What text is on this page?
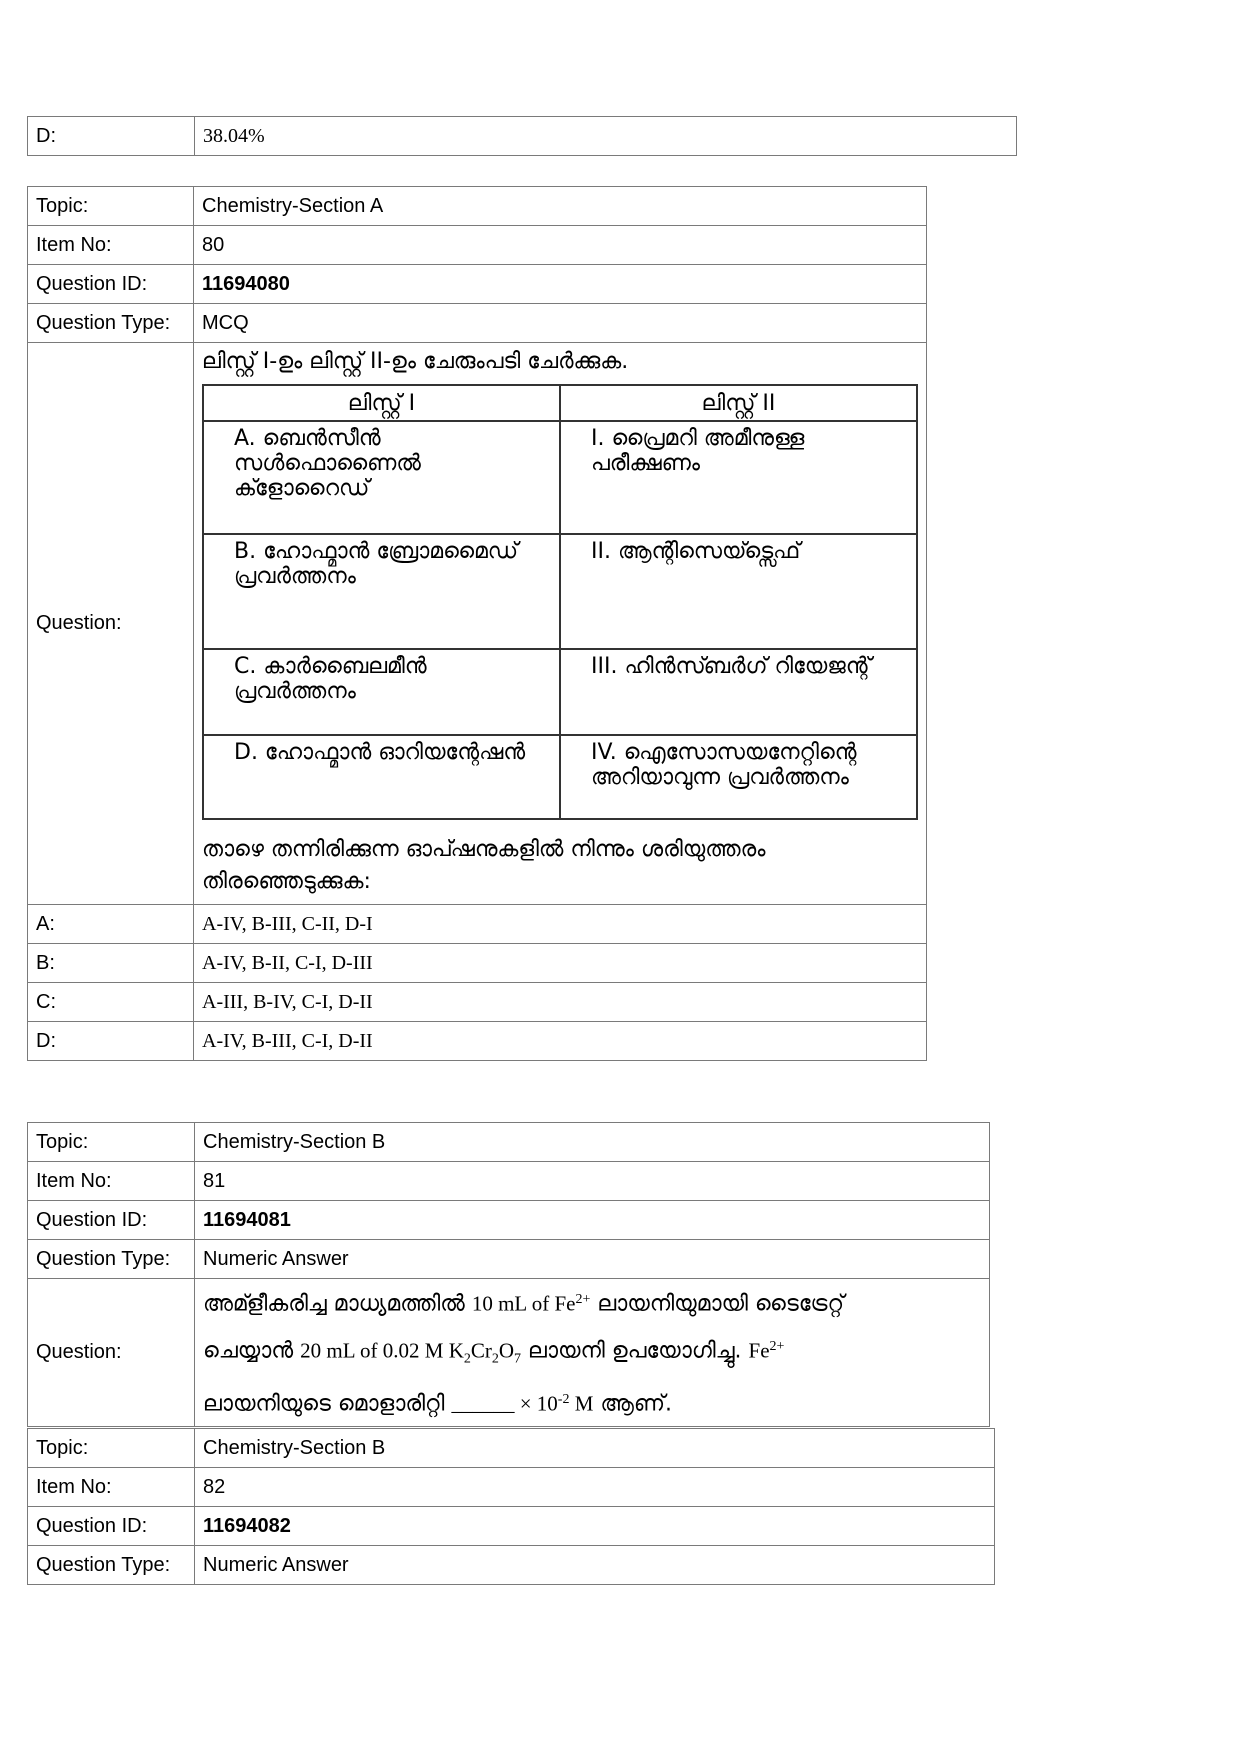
D:	38.04%
Topic:	Chemistry-Section A
Item No:	80
Question ID:	11694080
Question Type:	MCQ
Question:	
ലിസ്റ്റ് I-ഉം ലിസ്റ്റ് II-ഉം ചേരുംപടി ചേർക്കുക.
ലിസ്റ്റ് I	ലിസ്റ്റ് II
A. ബെൻസീൻ സൾഫൊണൈൽ ക്ളോറൈഡ്	I. പ്രൈമറി അമീനുള്ള പരീക്ഷണം
B. ഹോഫ്മാൻ ബ്രോമമൈഡ് പ്രവർത്തനം	II. ആന്റിസെയ്ട്സെഫ്
C. കാർബൈലമീൻ പ്രവർത്തനം	III. ഹിൻസ്ബർഗ് റിയേജന്റ്
D. ഹോഫ്മാൻ ഓറിയന്റേഷൻ	IV. ഐസോസയനേറ്റിന്റെ അറിയാവുന്ന പ്രവർത്തനം
താഴെ തന്നിരിക്കുന്ന ഓപ്ഷനുകളിൽ നിന്നും ശരിയുത്തരം തിരഞ്ഞെടുക്കുക:

A:	A-IV, B-III, C-II, D-I
B:	A-IV, B-II, C-I, D-III
C:	A-III, B-IV, C-I, D-II
D:	A-IV, B-III, C-I, D-II
Topic:	Chemistry-Section B
Item No:	81
Question ID:	11694081
Question Type:	Numeric Answer
Question:	അമ്ളീകരിച്ച മാധ്യമത്തിൽ 10 mL of $Fe^{2+}$ ലായനിയുമായി ടൈട്രേറ്റ്
ചെയ്യാൻ 20 mL of 0.02 M $K_2Cr_2O_7$ ലായനി ഉപയോഗിച്ചു. $Fe^{2+}$
ലായനിയുടെ മൊളാരിറ്റി ______ × $10^{-2}$ M ആണ്.
Topic:	Chemistry-Section B
Item No:	82
Question ID:	11694082
Question Type:	Numeric Answer
